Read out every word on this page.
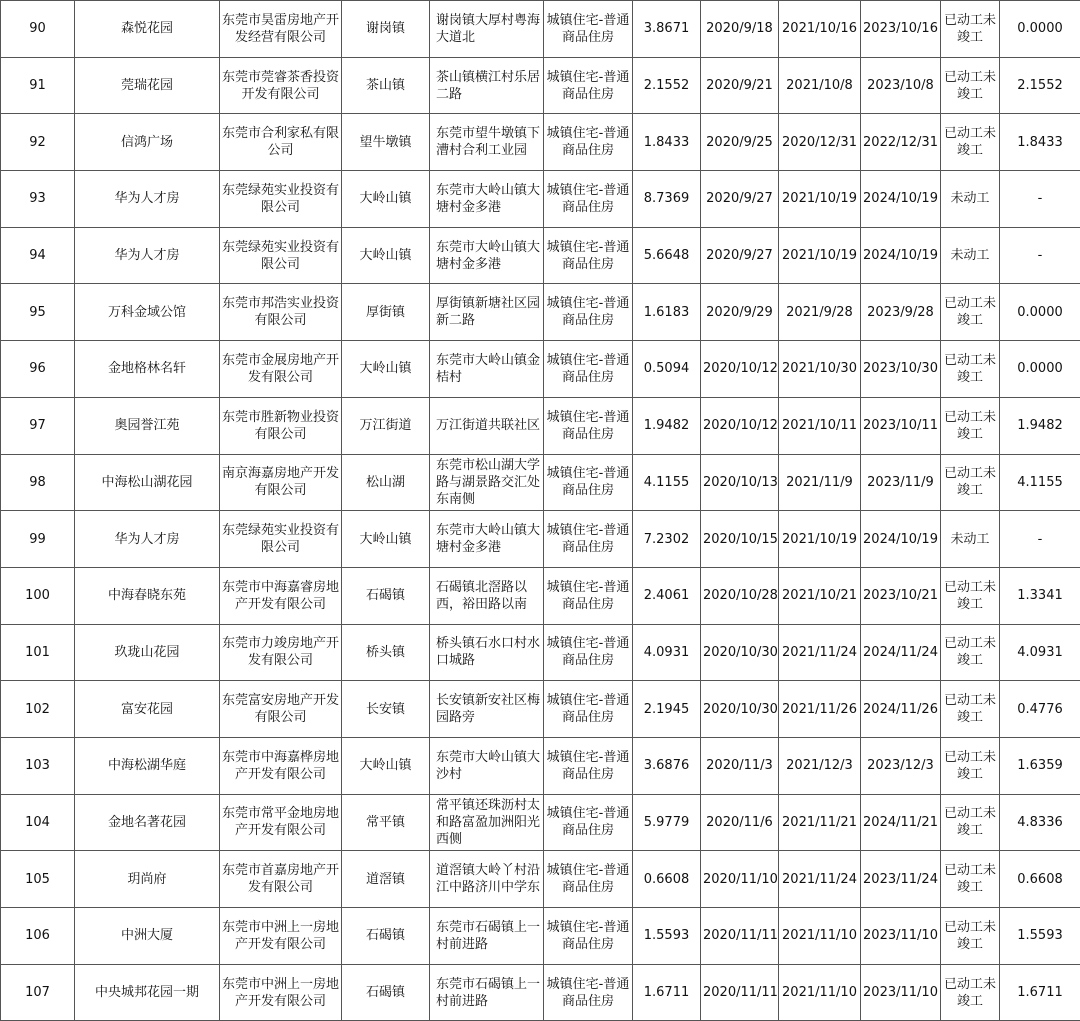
90	森悦花园	东莞市昊雷房地产开发经营有限公司	谢岗镇	谢岗镇大厚村粤海大道北	城镇住宅-普通商品住房	3.8671	2020/9/18	2021/10/16	2023/10/16	已动工未竣工	0.0000
91	莞瑞花园	东莞市莞睿茶香投资开发有限公司	茶山镇	茶山镇横江村乐居二路	城镇住宅-普通商品住房	2.1552	2020/9/21	2021/10/8	2023/10/8	已动工未竣工	2.1552
92	信鸿广场	东莞市合利家私有限公司	望牛墩镇	东莞市望牛墩镇下漕村合利工业园	城镇住宅-普通商品住房	1.8433	2020/9/25	2020/12/31	2022/12/31	已动工未竣工	1.8433
93	华为人才房	东莞绿苑实业投资有限公司	大岭山镇	东莞市大岭山镇大塘村金多港	城镇住宅-普通商品住房	8.7369	2020/9/27	2021/10/19	2024/10/19	未动工	-
94	华为人才房	东莞绿苑实业投资有限公司	大岭山镇	东莞市大岭山镇大塘村金多港	城镇住宅-普通商品住房	5.6648	2020/9/27	2021/10/19	2024/10/19	未动工	-
95	万科金域公馆	东莞市邦浩实业投资有限公司	厚街镇	厚街镇新塘社区园新二路	城镇住宅-普通商品住房	1.6183	2020/9/29	2021/9/28	2023/9/28	已动工未竣工	0.0000
96	金地格林名轩	东莞市金展房地产开发有限公司	大岭山镇	东莞市大岭山镇金桔村	城镇住宅-普通商品住房	0.5094	2020/10/12	2021/10/30	2023/10/30	已动工未竣工	0.0000
97	奥园誉江苑	东莞市胜新物业投资有限公司	万江街道	万江街道共联社区	城镇住宅-普通商品住房	1.9482	2020/10/12	2021/10/11	2023/10/11	已动工未竣工	1.9482
98	中海松山湖花园	南京海嘉房地产开发有限公司	松山湖	东莞市松山湖大学路与湖景路交汇处东南侧	城镇住宅-普通商品住房	4.1155	2020/10/13	2021/11/9	2023/11/9	已动工未竣工	4.1155
99	华为人才房	东莞绿苑实业投资有限公司	大岭山镇	东莞市大岭山镇大塘村金多港	城镇住宅-普通商品住房	7.2302	2020/10/15	2021/10/19	2024/10/19	未动工	-
100	中海春晓东苑	东莞市中海嘉睿房地产开发有限公司	石碣镇	石碣镇北滘路以西，裕田路以南	城镇住宅-普通商品住房	2.4061	2020/10/28	2021/10/21	2023/10/21	已动工未竣工	1.3341
101	玖珑山花园	东莞市力竣房地产开发有限公司	桥头镇	桥头镇石水口村水口城路	城镇住宅-普通商品住房	4.0931	2020/10/30	2021/11/24	2024/11/24	已动工未竣工	4.0931
102	富安花园	东莞富安房地产开发有限公司	长安镇	长安镇新安社区梅园路旁	城镇住宅-普通商品住房	2.1945	2020/10/30	2021/11/26	2024/11/26	已动工未竣工	0.4776
103	中海松湖华庭	东莞市中海嘉桦房地产开发有限公司	大岭山镇	东莞市大岭山镇大沙村	城镇住宅-普通商品住房	3.6876	2020/11/3	2021/12/3	2023/12/3	已动工未竣工	1.6359
104	金地名著花园	东莞市常平金地房地产开发有限公司	常平镇	常平镇还珠沥村太和路富盈加洲阳光西侧	城镇住宅-普通商品住房	5.9779	2020/11/6	2021/11/21	2024/11/21	已动工未竣工	4.8336
105	玥尚府	东莞市首嘉房地产开发有限公司	道滘镇	道滘镇大岭丫村沿江中路济川中学东	城镇住宅-普通商品住房	0.6608	2020/11/10	2021/11/24	2023/11/24	已动工未竣工	0.6608
106	中洲大厦	东莞市中洲上一房地产开发有限公司	石碣镇	东莞市石碣镇上一村前进路	城镇住宅-普通商品住房	1.5593	2020/11/11	2021/11/10	2023/11/10	已动工未竣工	1.5593
107	中央城邦花园一期	东莞市中洲上一房地产开发有限公司	石碣镇	东莞市石碣镇上一村前进路	城镇住宅-普通商品住房	1.6711	2020/11/11	2021/11/10	2023/11/10	已动工未竣工	1.6711
